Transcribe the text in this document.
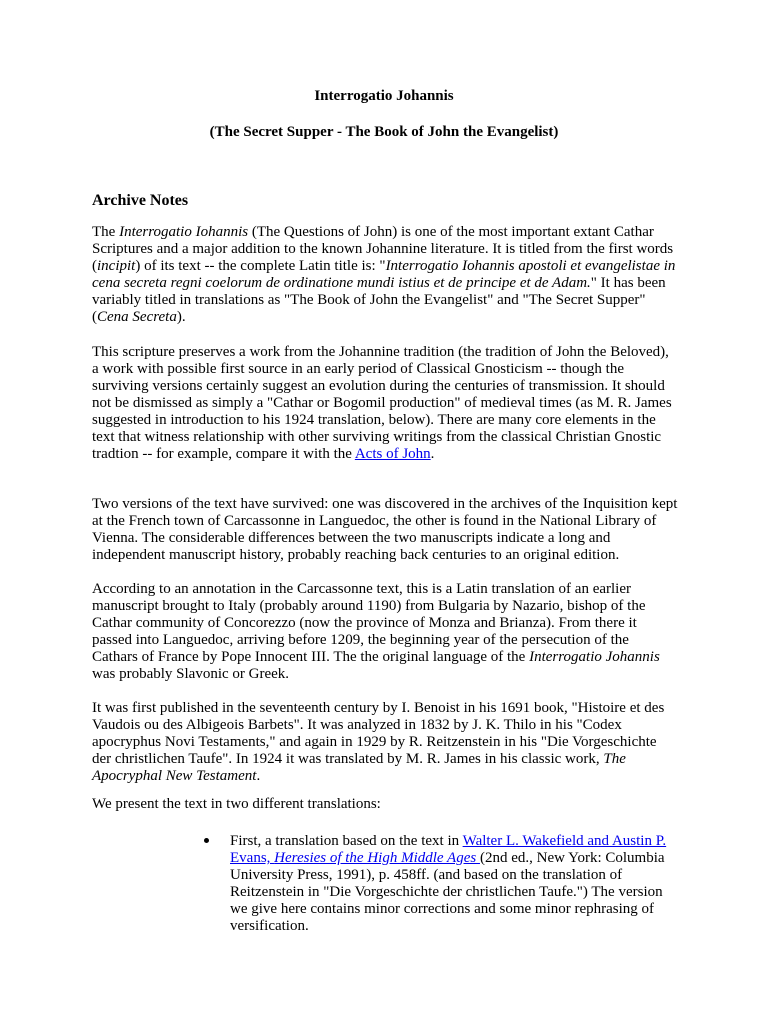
Interrogatio Johannis
(The Secret Supper - The Book of John the Evangelist)
Archive Notes

The Interrogatio Iohannis (The Questions of John) is one of the most important extant Cathar Scriptures and a major addition to the known Johannine literature. It is titled from the first words (incipit) of its text -- the complete Latin title is: "Interrogatio Iohannis apostoli et evangelistae in cena secreta regni coelorum de ordinatione mundi istius et de principe et de Adam." It has been variably titled in translations as "The Book of John the Evangelist" and "The Secret Supper" (Cena Secreta).

This scripture preserves a work from the Johannine tradition (the tradition of John the Beloved), a work with possible first source in an early period of Classical Gnosticism -- though the surviving versions certainly suggest an evolution during the centuries of transmission. It should not be dismissed as simply a "Cathar or Bogomil production" of medieval times (as M. R. James suggested in introduction to his 1924 translation, below). There are many core elements in the text that witness relationship with other surviving writings from the classical Christian Gnostic tradtion -- for example, compare it with the Acts of John.

Two versions of the text have survived: one was discovered in the archives of the Inquisition kept at the French town of Carcassonne in Languedoc, the other is found in the National Library of Vienna. The considerable differences between the two manuscripts indicate a long and independent manuscript history, probably reaching back centuries to an original edition.

According to an annotation in the Carcassonne text, this is a Latin translation of an earlier manuscript brought to Italy (probably around 1190) from Bulgaria by Nazario, bishop of the Cathar community of Concorezzo (now the province of Monza and Brianza). From there it passed into Languedoc, arriving before 1209, the beginning year of the persecution of the Cathars of France by Pope Innocent III. The the original language of the Interrogatio Johannis was probably Slavonic or Greek.

It was first published in the seventeenth century by I. Benoist in his 1691 book, "Histoire et des Vaudois ou des Albigeois Barbets". It was analyzed in 1832 by J. K. Thilo in his "Codex apocryphus Novi Testaments," and again in 1929 by R. Reitzenstein in his "Die Vorgeschichte der christlichen Taufe". In 1924 it was translated by M. R. James in his classic work, The Apocryphal New Testament.

We present the text in two different translations:

First, a translation based on the text in Walter L. Wakefield and Austin P. Evans, Heresies of the High Middle Ages (2nd ed., New York: Columbia University Press, 1991), p. 458ff. (and based on the translation of Reitzenstein in "Die Vorgeschichte der christlichen Taufe.") The version we give here contains minor corrections and some minor rephrasing of versification.
